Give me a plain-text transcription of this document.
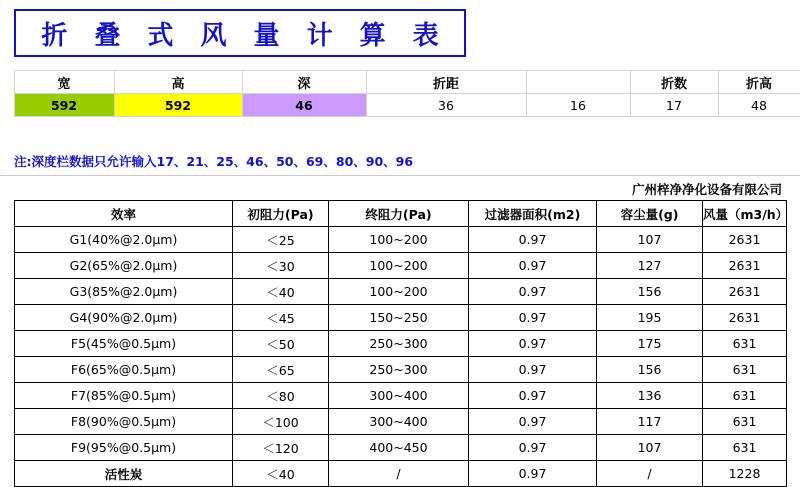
折 叠 式 风 量 计 算 表
	宽	高	深	折距		折数	折高
	592	592	46	36	16	17	48
注:深度栏数据只允许输入17、21、25、46、50、69、80、90、96
广州梓净净化设备有限公司
效率	初阻力(Pa)	终阻力(Pa)	过滤器面积(m2)	容尘量(g)	风量（m3/h）
G1(40%@2.0μm)	＜25	100~200	0.97	107	2631
G2(65%@2.0μm)	＜30	100~200	0.97	127	2631
G3(85%@2.0μm)	＜40	100~200	0.97	156	2631
G4(90%@2.0μm)	＜45	150~250	0.97	195	2631
F5(45%@0.5μm)	＜50	250~300	0.97	175	631
F6(65%@0.5μm)	＜65	250~300	0.97	156	631
F7(85%@0.5μm)	＜80	300~400	0.97	136	631
F8(90%@0.5μm)	＜100	300~400	0.97	117	631
F9(95%@0.5μm)	＜120	400~450	0.97	107	631
活性炭	＜40	/	0.97	/	1228
